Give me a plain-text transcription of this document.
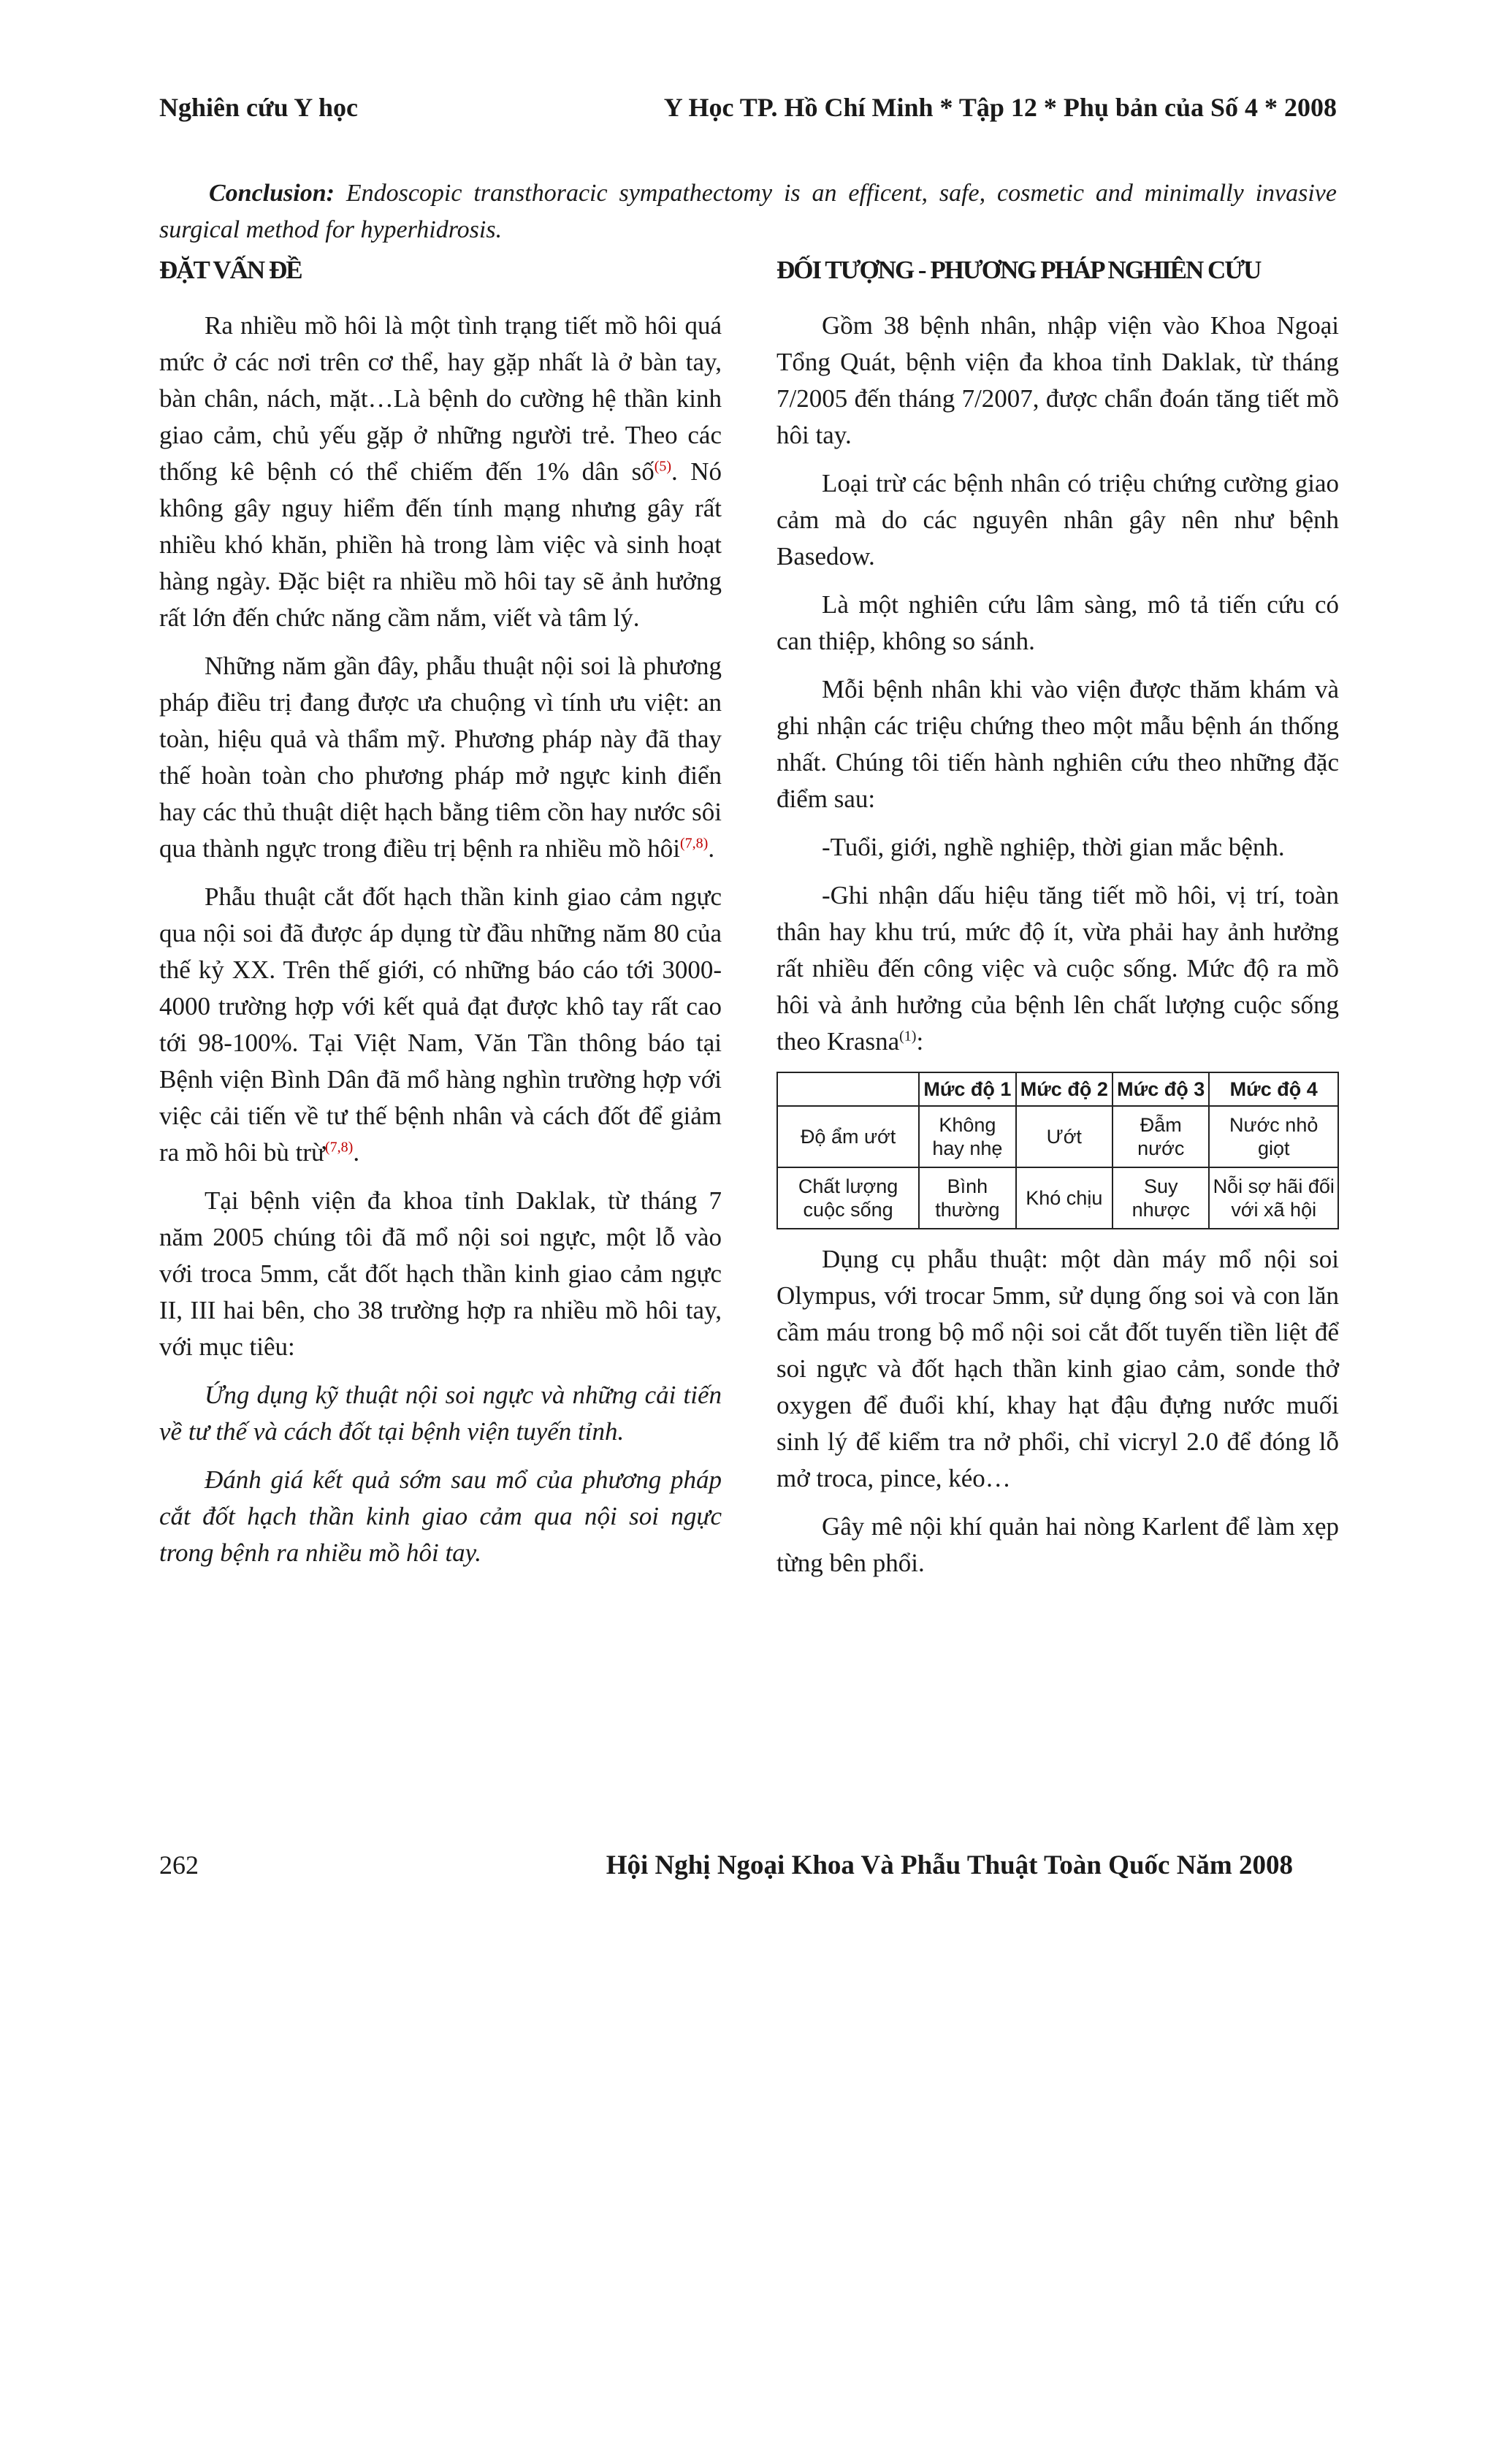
Nghiên cứu Y học	Y Học TP. Hồ Chí Minh * Tập 12 * Phụ bản của Số 4 * 2008
Conclusion: Endoscopic transthoracic sympathectomy is an efficent, safe, cosmetic and minimally invasive surgical method for hyperhidrosis.
ĐẶT VẤN ĐỀ

Ra nhiều mồ hôi là một tình trạng tiết mồ hôi quá mức ở các nơi trên cơ thể, hay gặp nhất là ở bàn tay, bàn chân, nách, mặt…Là bệnh do cường hệ thần kinh giao cảm, chủ yếu gặp ở những người trẻ. Theo các thống kê bệnh có thể chiếm đến 1% dân số$^{(5)}$. Nó không gây nguy hiểm đến tính mạng nhưng gây rất nhiều khó khăn, phiền hà trong làm việc và sinh hoạt hàng ngày. Đặc biệt ra nhiều mồ hôi tay sẽ ảnh hưởng rất lớn đến chức năng cầm nắm, viết và tâm lý.

Những năm gần đây, phẫu thuật nội soi là phương pháp điều trị đang được ưa chuộng vì tính ưu việt: an toàn, hiệu quả và thẩm mỹ. Phương pháp này đã thay thế hoàn toàn cho phương pháp mở ngực kinh điển hay các thủ thuật diệt hạch bằng tiêm cồn hay nước sôi qua thành ngực trong điều trị bệnh ra nhiều mồ hôi$^{(7,8)}$.

Phẫu thuật cắt đốt hạch thần kinh giao cảm ngực qua nội soi đã được áp dụng từ đầu những năm 80 của thế kỷ XX. Trên thế giới, có những báo cáo tới 3000-4000 trường hợp với kết quả đạt được khô tay rất cao tới 98-100%. Tại Việt Nam, Văn Tần thông báo tại Bệnh viện Bình Dân đã mổ hàng nghìn trường hợp với việc cải tiến về tư thế bệnh nhân và cách đốt để giảm ra mồ hôi bù trừ$^{(7,8)}$.

Tại bệnh viện đa khoa tỉnh Daklak, từ tháng 7 năm 2005 chúng tôi đã mổ nội soi ngực, một lỗ vào với troca 5mm, cắt đốt hạch thần kinh giao cảm ngực II, III hai bên, cho 38 trường hợp ra nhiều mồ hôi tay, với mục tiêu:

Ứng dụng kỹ thuật nội soi ngực và những cải tiến về tư thế và cách đốt tại bệnh viện tuyến tỉnh.

Đánh giá kết quả sớm sau mổ của phương pháp cắt đốt hạch thần kinh giao cảm qua nội soi ngực trong bệnh ra nhiều mồ hôi tay.

ĐỐI TƯỢNG - PHƯƠNG PHÁP NGHIÊN CỨU

Gồm 38 bệnh nhân, nhập viện vào Khoa Ngoại Tổng Quát, bệnh viện đa khoa tỉnh Daklak, từ tháng 7/2005 đến tháng 7/2007, được chẩn đoán tăng tiết mồ hôi tay.

Loại trừ các bệnh nhân có triệu chứng cường giao cảm mà do các nguyên nhân gây nên như bệnh Basedow.

Là một nghiên cứu lâm sàng, mô tả tiến cứu có can thiệp, không so sánh.

Mỗi bệnh nhân khi vào viện được thăm khám và ghi nhận các triệu chứng theo một mẫu bệnh án thống nhất. Chúng tôi tiến hành nghiên cứu theo những đặc điểm sau:

-Tuổi, giới, nghề nghiệp, thời gian mắc bệnh.

-Ghi nhận dấu hiệu tăng tiết mồ hôi, vị trí, toàn thân hay khu trú, mức độ ít, vừa phải hay ảnh hưởng rất nhiều đến công việc và cuộc sống. Mức độ ra mồ hôi và ảnh hưởng của bệnh lên chất lượng cuộc sống theo Krasna$^{(1)}$:

	Mức độ 1	Mức độ 2	Mức độ 3	Mức độ 4
Độ ẩm ướt	Không hay nhẹ	Ướt	Đẫm nước	Nước nhỏ giọt
Chất lượng cuộc sống	Bình thường	Khó chịu	Suy nhược	Nỗi sợ hãi đối với xã hội

Dụng cụ phẫu thuật: một dàn máy mổ nội soi Olympus, với trocar 5mm, sử dụng ống soi và con lăn cầm máu trong bộ mổ nội soi cắt đốt tuyến tiền liệt để soi ngực và đốt hạch thần kinh giao cảm, sonde thở oxygen để đuổi khí, khay hạt đậu đựng nước muối sinh lý để kiểm tra nở phổi, chỉ vicryl 2.0 để đóng lỗ mở troca, pince, kéo…

Gây mê nội khí quản hai nòng Karlent để làm xẹp từng bên phổi.

262	Hội Nghị Ngoại Khoa Và Phẫu Thuật Toàn Quốc Năm 2008
